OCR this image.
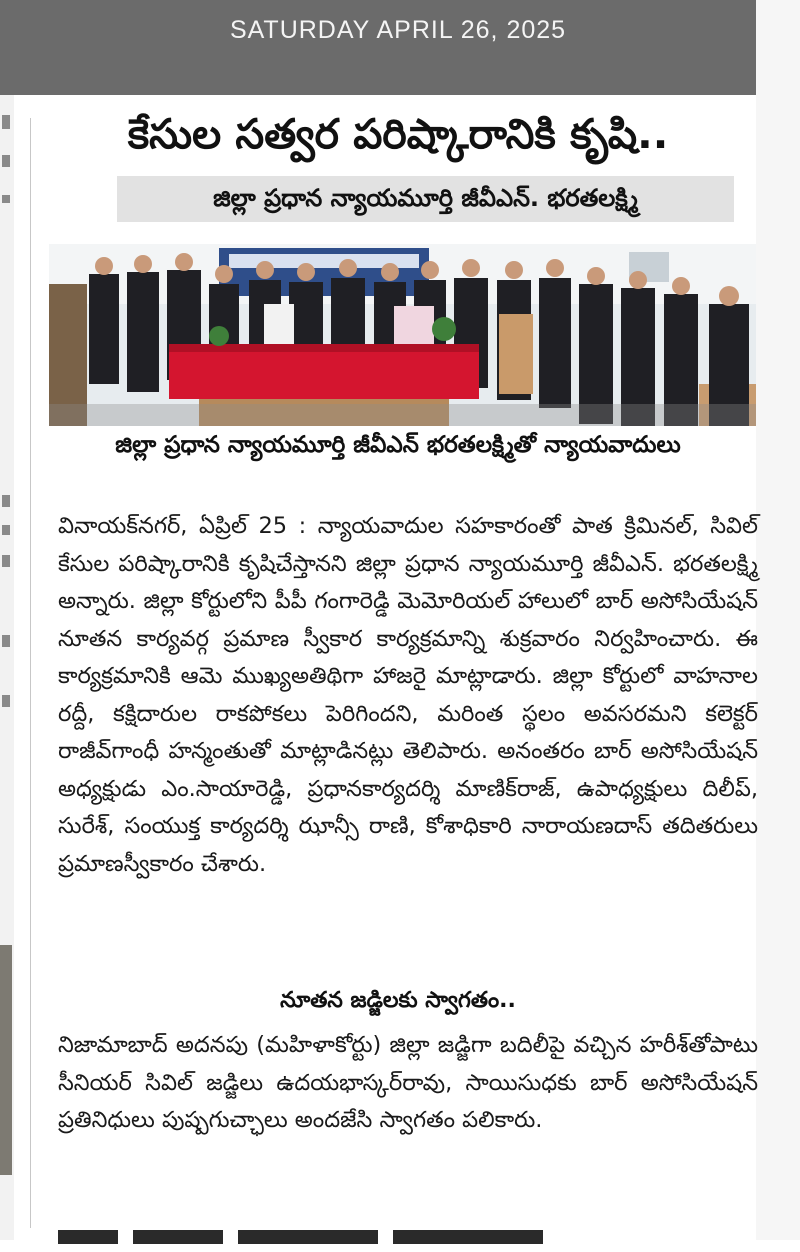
SATURDAY APRIL 26, 2025
కేసుల సత్వర పరిష్కారానికి కృషి..
జిల్లా ప్రధాన న్యాయమూర్తి జీవీఎన్. భరతలక్ష్మి
జిల్లా ప్రధాన న్యాయమూర్తి జీవీఎన్ భరతలక్ష్మితో న్యాయవాదులు
వినాయక్‌నగర్, ఏప్రిల్ 25 : న్యాయవాదుల సహకారంతో పాత క్రిమినల్, సివిల్ కేసుల పరిష్కారానికి కృషిచేస్తానని జిల్లా ప్రధాన న్యాయమూర్తి జీవీఎన్. భరతలక్ష్మి అన్నారు. జిల్లా కోర్టులోని పీపీ గంగారెడ్డి మెమోరియల్ హాలులో బార్ అసోసియేషన్ నూతన కార్యవర్గ ప్రమాణ స్వీకార కార్యక్రమాన్ని శుక్రవారం నిర్వహించారు. ఈ కార్యక్రమానికి ఆమె ముఖ్యఅతిథిగా హాజరై మాట్లాడారు. జిల్లా కోర్టులో వాహనాల రద్దీ, కక్షిదారుల రాకపోకలు పెరిగిందని, మరింత స్థలం అవసరమని కలెక్టర్ రాజీవ్‌గాంధీ హన్మంతుతో మాట్లాడినట్లు తెలిపారు. అనంతరం బార్ అసోసియేషన్ అధ్యక్షుడు ఎం.సాయారెడ్డి, ప్రధానకార్యదర్శి మాణిక్‌రాజ్, ఉపాధ్యక్షులు దిలీప్, సురేశ్, సంయుక్త కార్యదర్శి ఝాన్సీ రాణి, కోశాధికారి నారాయణదాస్ తదితరులు ప్రమాణస్వీకారం చేశారు.
నూతన జడ్జిలకు స్వాగతం..
నిజామాబాద్ అదనపు (మహిళాకోర్టు) జిల్లా జడ్జిగా బదిలీపై వచ్చిన హరీశ్‌తోపాటు సీనియర్ సివిల్ జడ్జిలు ఉదయభాస్కర్‌రావు, సాయిసుధకు బార్ అసోసియేషన్ ప్రతినిధులు పుష్పగుచ్ఛాలు అందజేసి స్వాగతం పలికారు.
